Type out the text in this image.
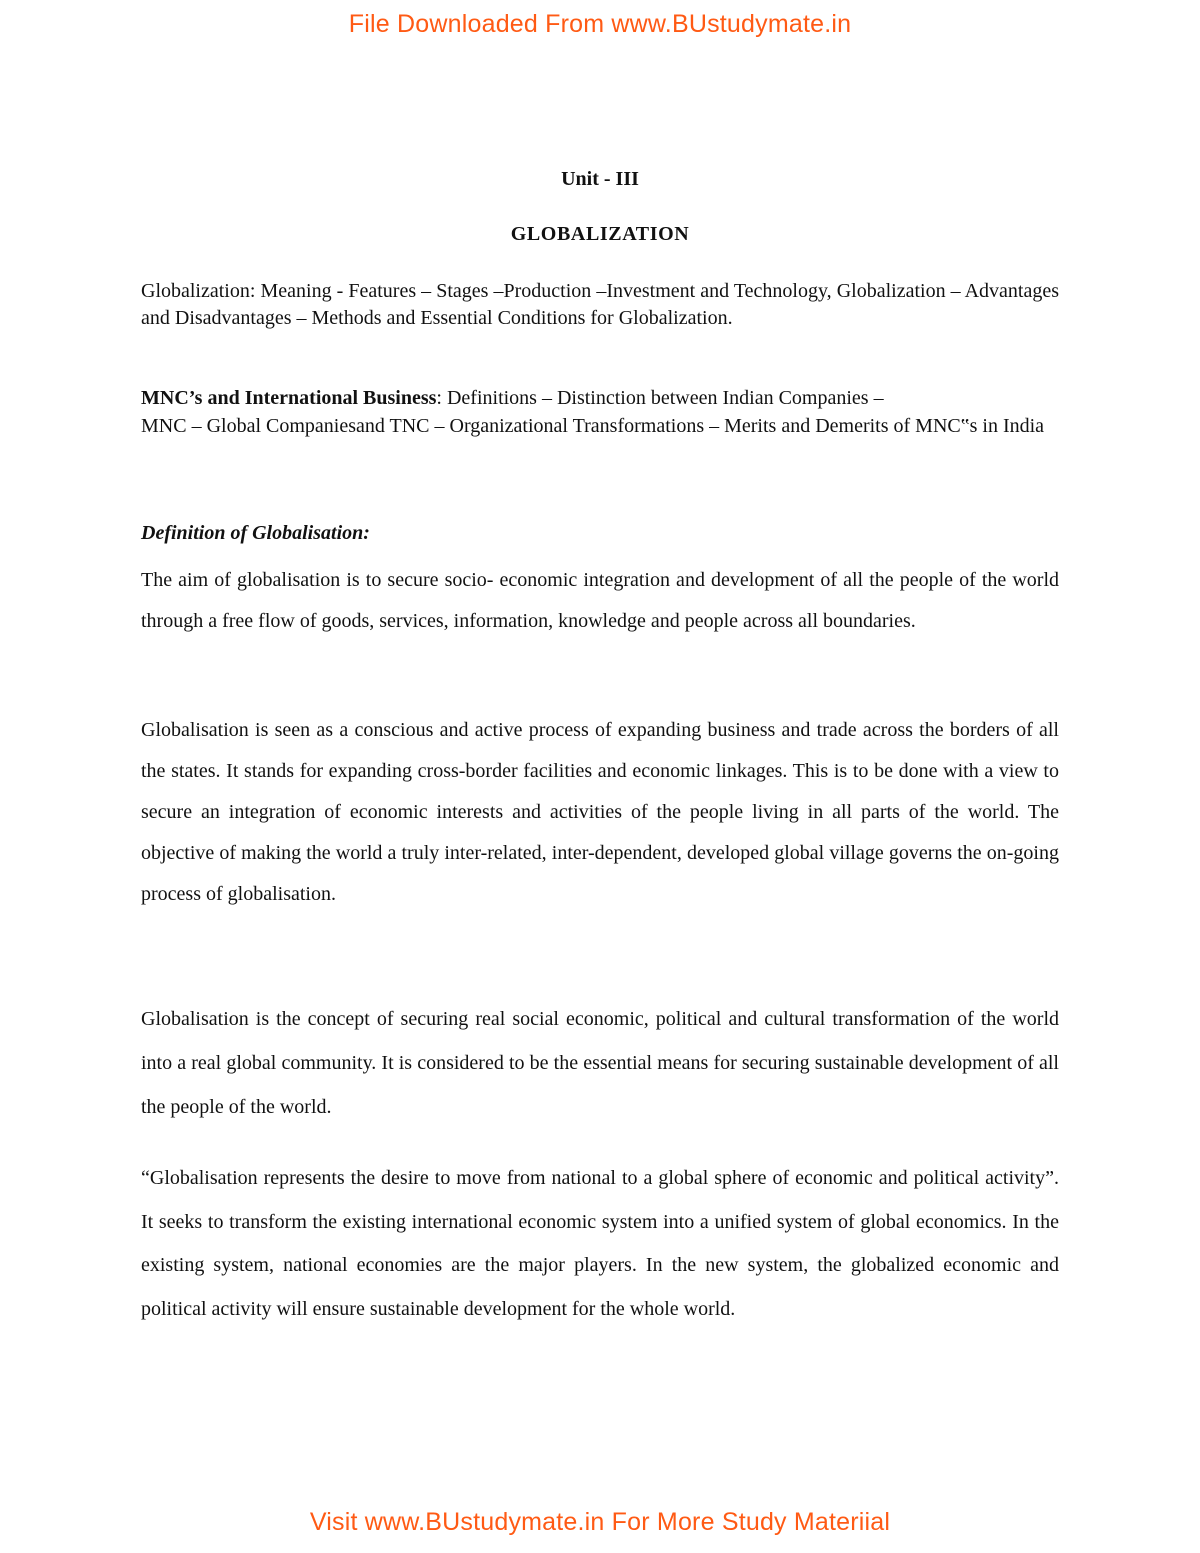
File Downloaded From www.BUstudymate.in
Unit - III
GLOBALIZATION
Globalization: Meaning - Features – Stages –Production –Investment and Technology, Globalization – Advantages and Disadvantages – Methods and Essential Conditions for Globalization.
MNC’s and International Business: Definitions – Distinction between Indian Companies –
MNC – Global Companiesand TNC – Organizational Transformations – Merits and Demerits of MNC‟s in India
Definition of Globalisation:
The aim of globalisation is to secure socio- economic integration and development of all the people of the world through a free flow of goods, services, information, knowledge and people across all boundaries.
Globalisation is seen as a conscious and active process of expanding business and trade across the borders of all the states. It stands for expanding cross-border facilities and economic linkages. This is to be done with a view to secure an integration of economic interests and activities of the people living in all parts of the world. The objective of making the world a truly inter-related, inter-dependent, developed global village governs the on-going process of globalisation.
Globalisation is the concept of securing real social economic, political and cultural transformation of the world into a real global community. It is considered to be the essential means for securing sustainable development of all the people of the world.
“Globalisation represents the desire to move from national to a global sphere of economic and political activity”. It seeks to transform the existing international economic system into a unified system of global economics. In the existing system, national economies are the major players. In the new system, the globalized economic and political activity will ensure sustainable development for the whole world.
Visit www.BUstudymate.in For More Study Materiial
